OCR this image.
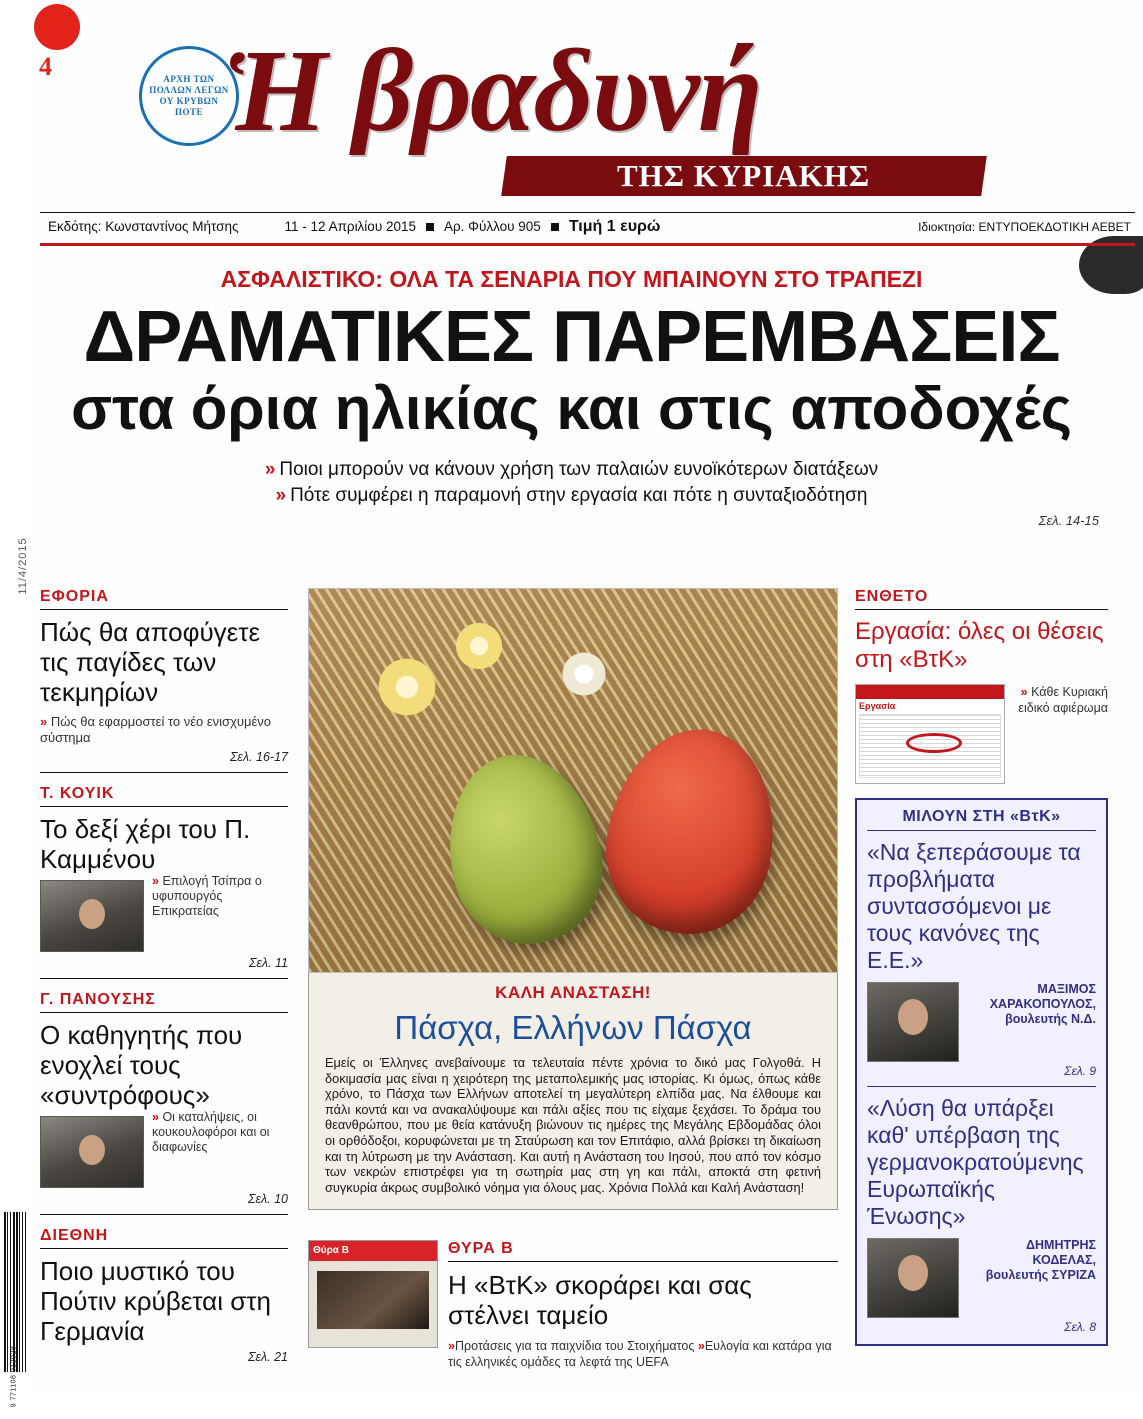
11/4/2015
9 771108 012028
4	ΑΡΧΗ ΤΩΝ ΠΟΛΛΩΝ ΛΕΓΩΝ ΟΥ ΚΡΥΒΩΝ ΠΟΤΕ Ἡ βραδυνή
ΤΗΣ ΚΥΡΙΑΚΗΣ
Εκδότης: Κωνσταντίνος Μήτσης	11 - 12 Απριλίου 2015 Αρ. Φύλλου 905 Τιμή 1 ευρώ	Ιδιοκτησία: ΕΝΤΥΠΟΕΚΔΟΤΙΚΗ ΑΕΒΕΤ
ΑΣΦΑΛΙΣΤΙΚΟ: ΟΛΑ ΤΑ ΣΕΝΑΡΙΑ ΠΟΥ ΜΠΑΙΝΟΥΝ ΣΤΟ ΤΡΑΠΕΖΙ
ΔΡΑΜΑΤΙΚΕΣ ΠΑΡΕΜΒΑΣΕΙΣ
στα όρια ηλικίας και στις αποδοχές
» Ποιοι μπορούν να κάνουν χρήση των παλαιών ευνοϊκότερων διατάξεων
» Πότε συμφέρει η παραμονή στην εργασία και πότε η συνταξιοδότηση
Σελ. 14-15
ΕΦΟΡΙΑ
Πώς θα αποφύγετε τις παγίδες των τεκμηρίων
» Πώς θα εφαρμοστεί το νέο ενισχυμένο σύστημα
Σελ. 16-17
Τ. ΚΟΥΙΚ
Το δεξί χέρι του Π. Καμμένου
» Επιλογή Τσίπρα ο υφυπουργός Επικρατείας
Σελ. 11
Γ. ΠΑΝΟΥΣΗΣ
Ο καθηγητής που ενοχλεί τους «συντρόφους»
» Οι καταλήψεις, οι κουκουλοφόροι και οι διαφωνίες
Σελ. 10
ΔΙΕΘΝΗ
Ποιο μυστικό του Πούτιν κρύβεται στη Γερμανία
Σελ. 21
ΚΑΛΗ ΑΝΑΣΤΑΣΗ!
Πάσχα, Ελλήνων Πάσχα
Εμείς οι Έλληνες ανεβαίνουμε τα τελευταία πέντε χρόνια το δικό μας Γολγοθά. Η δοκιμασία μας είναι η χειρότερη της μεταπολεμικής μας ιστορίας. Κι όμως, όπως κάθε χρόνο, το Πάσχα των Ελλήνων αποτελεί τη μεγαλύτερη ελπίδα μας. Να έλθουμε και πάλι κοντά και να ανακαλύψουμε και πάλι αξίες που τις είχαμε ξεχάσει. Το δράμα του θεανθρώπου, που με θεία κατάνυξη βιώνουν τις ημέρες της Μεγάλης Εβδομάδας όλοι οι ορθόδοξοι, κορυφώνεται με τη Σταύρωση και τον Επιτάφιο, αλλά βρίσκει τη δικαίωση και τη λύτρωση με την Ανάσταση. Και αυτή η Ανάσταση του Ιησού, που από τον κόσμο των νεκρών επιστρέφει για τη σωτηρία μας στη γη και πάλι, αποκτά στη φετινή συγκυρία άκρως συμβολικό νόημα για όλους μας. Χρόνια Πολλά και Καλή Ανάσταση!
Θύρα Β	ΘΥΡΑ Β
Η «ΒτΚ» σκοράρει και σας στέλνει ταμείο
»Προτάσεις για τα παιχνίδια του Στοιχήματος »Ευλογία και κατάρα για τις ελληνικές ομάδες τα λεφτά της UEFA
ΕΝΘΕΤΟ
Εργασία: όλες οι θέσεις στη «ΒτΚ»
Εργασία
» Κάθε Κυριακή ειδικό αφιέρωμα
ΜΙΛΟΥΝ ΣΤΗ «ΒτΚ»
«Να ξεπεράσουμε τα προβλήματα συντασσόμενοι με τους κανόνες της Ε.Ε.»
ΜΑΞΙΜΟΣ ΧΑΡΑΚΟΠΟΥΛΟΣ, βουλευτής Ν.Δ.
Σελ. 9
«Λύση θα υπάρξει καθ' υπέρβαση της γερμανοκρατούμενης Ευρωπαϊκής Ένωσης»
ΔΗΜΗΤΡΗΣ ΚΟΔΕΛΑΣ, βουλευτής ΣΥΡΙΖΑ
Σελ. 8
